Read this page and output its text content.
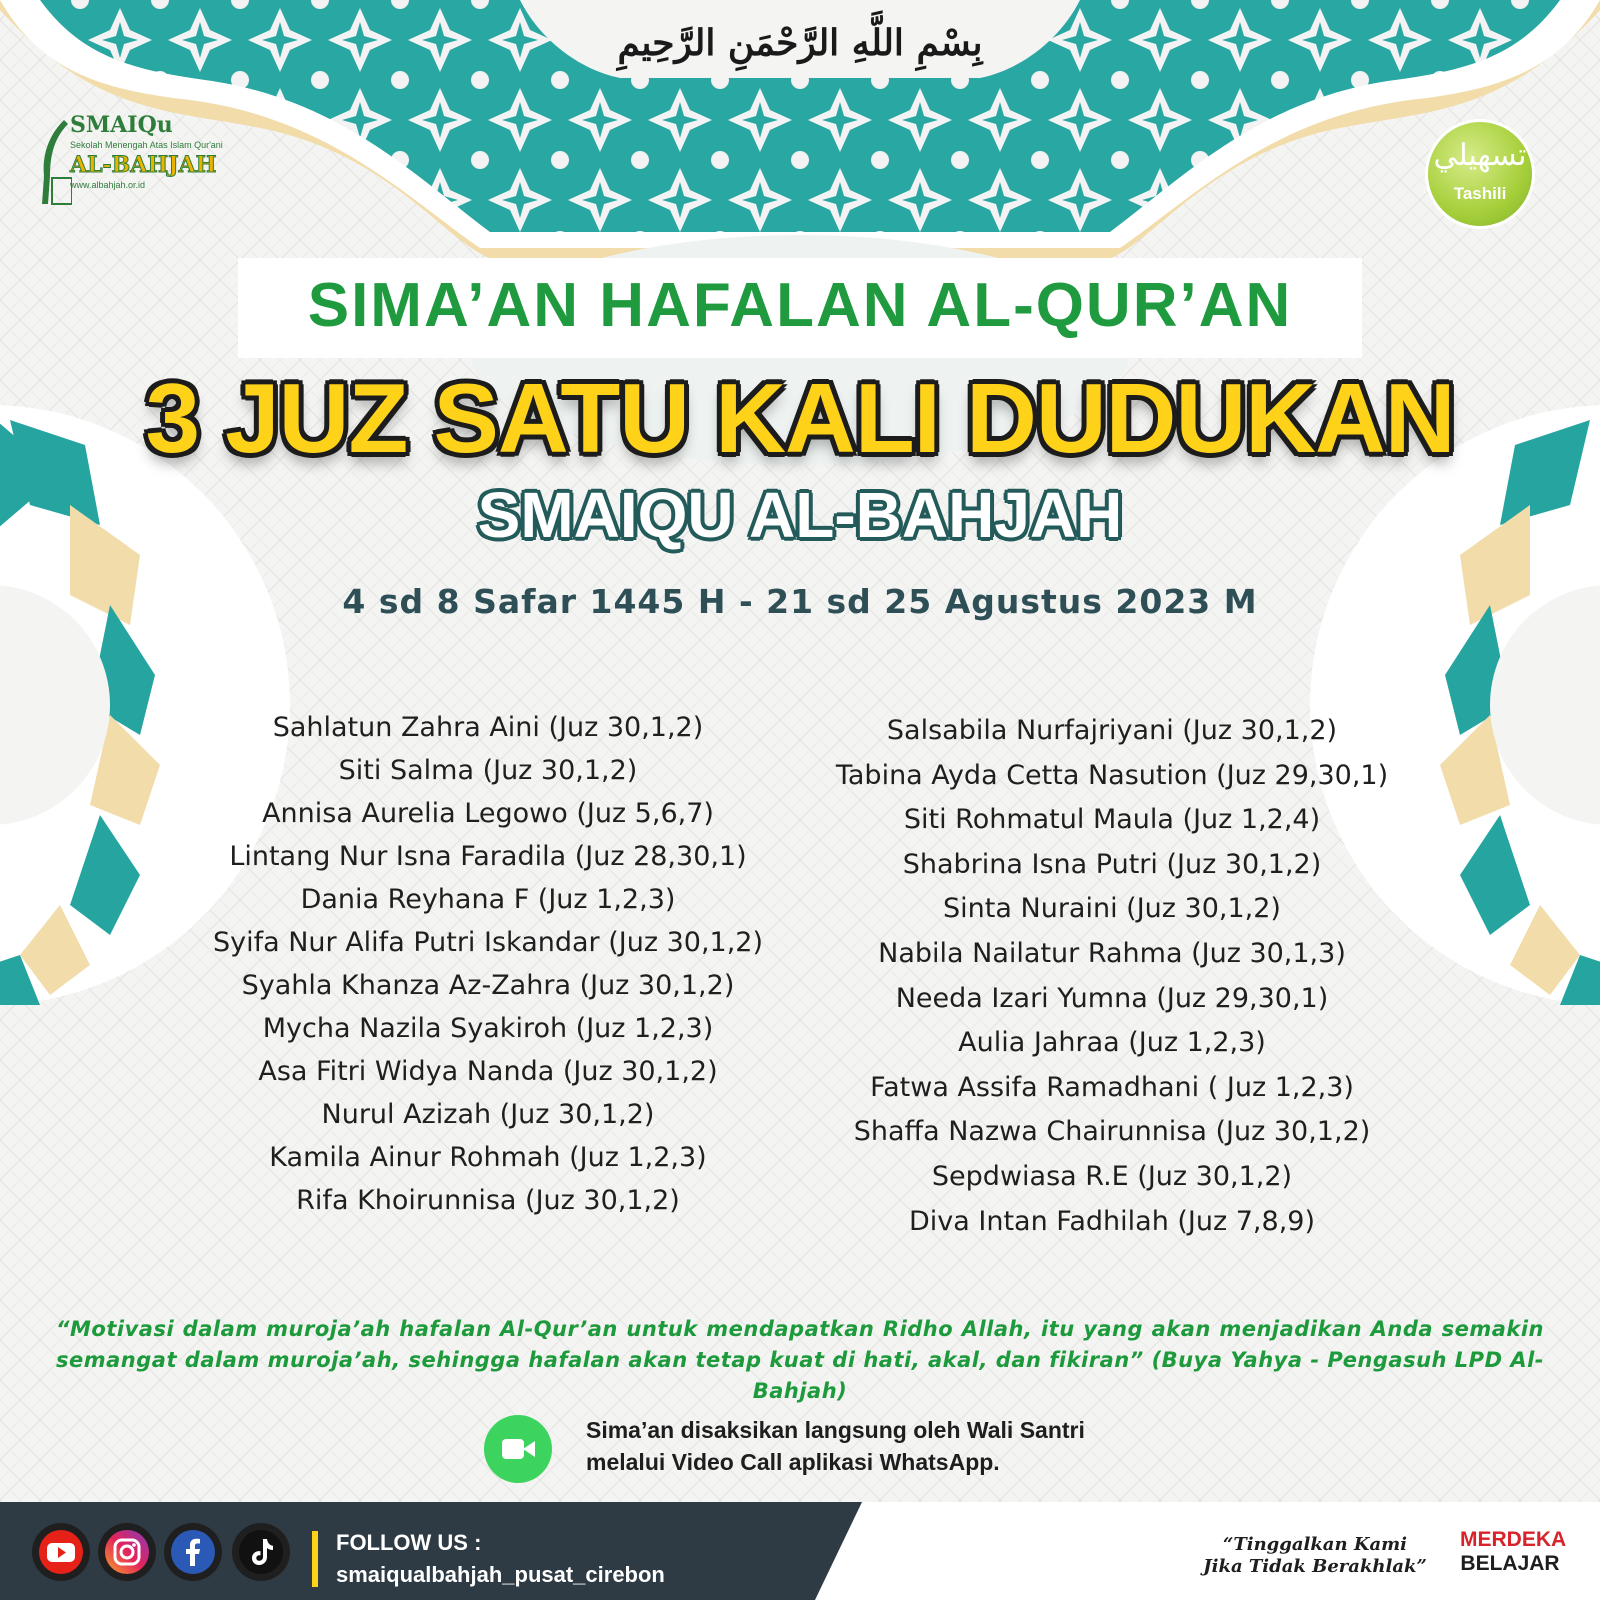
بِسْمِ اللَّهِ الرَّحْمَنِ الرَّحِيمِ
SMAIQu
Sekolah Menengah Atas Islam Qur'ani
AL-BAHJAH
www.albahjah.or.id
تسهيلي
Tashili
SIMA’AN HAFALAN AL-QUR’AN
3 JUZ SATU KALI DUDUKAN
SMAIQU AL-BAHJAH
4 sd 8 Safar 1445 H - 21 sd 25 Agustus 2023 M
Sahlatun Zahra Aini (Juz 30,1,2)
Siti Salma (Juz 30,1,2)
Annisa Aurelia Legowo (Juz 5,6,7)
Lintang Nur Isna Faradila (Juz 28,30,1)
Dania Reyhana F (Juz 1,2,3)
Syifa Nur Alifa Putri Iskandar (Juz 30,1,2)
Syahla Khanza Az-Zahra (Juz 30,1,2)
Mycha Nazila Syakiroh (Juz 1,2,3)
Asa Fitri Widya Nanda (Juz 30,1,2)
Nurul Azizah (Juz 30,1,2)
Kamila Ainur Rohmah (Juz 1,2,3)
Rifa Khoirunnisa (Juz 30,1,2)
Salsabila Nurfajriyani (Juz 30,1,2)
Tabina Ayda Cetta Nasution (Juz 29,30,1)
Siti Rohmatul Maula (Juz 1,2,4)
Shabrina Isna Putri (Juz 30,1,2)
Sinta Nuraini (Juz 30,1,2)
Nabila Nailatur Rahma (Juz 30,1,3)
Needa Izari Yumna (Juz 29,30,1)
Aulia Jahraa (Juz 1,2,3)
Fatwa Assifa Ramadhani ( Juz 1,2,3)
Shaffa Nazwa Chairunnisa (Juz 30,1,2)
Sepdwiasa R.E (Juz 30,1,2)
Diva Intan Fadhilah (Juz 7,8,9)
“Motivasi dalam muroja’ah hafalan Al-Qur’an untuk mendapatkan Ridho Allah, itu yang akan menjadikan Anda semakin semangat dalam muroja’ah, sehingga hafalan akan tetap kuat di hati, akal, dan fikiran” (Buya Yahya - Pengasuh LPD Al-Bahjah)
Sima’an disaksikan langsung oleh Wali Santri
melalui Video Call aplikasi WhatsApp.
FOLLOW US :
smaiqualbahjah_pusat_cirebon
“Tinggalkan Kami
Jika Tidak Berakhlak”
MERDEKA
BELAJAR
